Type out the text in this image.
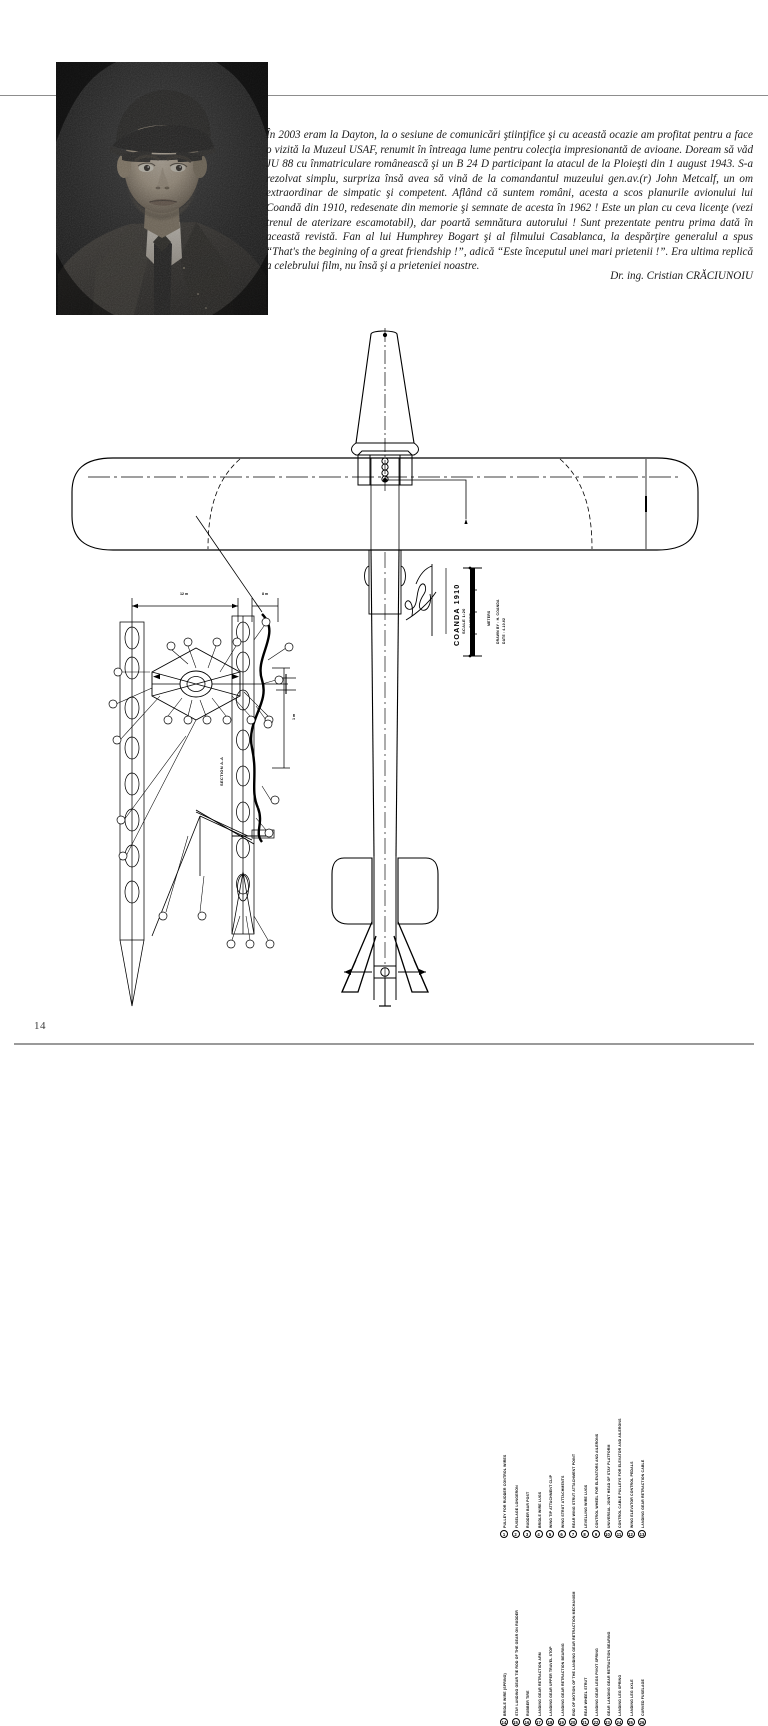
În 2003 eram la Dayton, la o sesiune de comunicări ştiinţifice şi cu această ocazie am profitat pentru a face o vizită la Muzeul USAF, renumit în întreaga lume pentru colecţia impresionantă de avioane. Doream să văd JU 88 cu înmatriculare românească şi un B 24 D participant la atacul de la Ploieşti din 1 august 1943. S-a rezolvat simplu, surpriza însă avea să vină de la comandantul muzeului gen.av.(r) John Metcalf, un om extraordinar de simpatic şi competent. Aflând că suntem români, acesta a scos planurile avionului lui Coandă din 1910, redesenate din memorie şi semnate de acesta în 1962 ! Este un plan cu ceva licenţe (vezi trenul de aterizare escamotabil), dar poartă semnătura autorului ! Sunt prezentate pentru prima dată în această revistă. Fan al lui Humphrey Bogart şi al filmului Casablanca, la despărţire generalul a spus “That's the begining of a great friendship !”, adică “Este începutul unei mari prietenii !”. Era ultima replică a celebrului film, nu însă şi a prieteniei noastre.
Dr. ing. Cristian CRĂCIUNOIU
COANDA 1910 SCALE 1:20 SHEET	DRAWN BY : H. COANDA DATE : 4.10.62
METERS
SECTION A-A
12 m	8 m
1 m
PULLEY FOR RUDDER CONTROL WIRES
1
FUSELAGE LONGERON
2
RUDDER BAR POST
3
BRIDLE WIRE LUGS
4
WING TIP ATTACHMENT CLIP
5
WING STRUT ATTACHMENTS
6
REAR WING STRUT ATTACHMENT POINT
7
LEVELLING WIRE LUGS
8
CONTROL WHEEL FOR ELEVATORS AND AILERONS
9
UNIVERSAL JOINT HEAD OF STAY PLATFORM
10
CONTROL CABLE PULLEYS FOR ELEVATOR AND AILERONS
11
WING ELEVATOR CONTROL PEDALS
12
LANDING GEAR RETRACTION CABLE
13
BRIDLE WIRE (SPRING)
14
STAY LANDING GEAR TIE ROD OF THE GEAR ON RUDDER
15
RUBBER TIRE
16
LANDING GEAR RETRACTION ARM
17
LANDING GEAR UPPER TRAVEL STOP
18
LANDING GEAR RETRACTION BEARING
19
END OF MOTION OF THE LANDING GEAR RETRACTION MECHANISM
20
REAR WHEEL STRUT
21
LANDING GEAR LEGS PIVOT SPRING
22
GEAR LANDING GEAR RETRACTION BEARING
23
LANDING LEG SPRING
24
LANDING LEG AXLE
25
CURVED FUSELAGE
26
14
